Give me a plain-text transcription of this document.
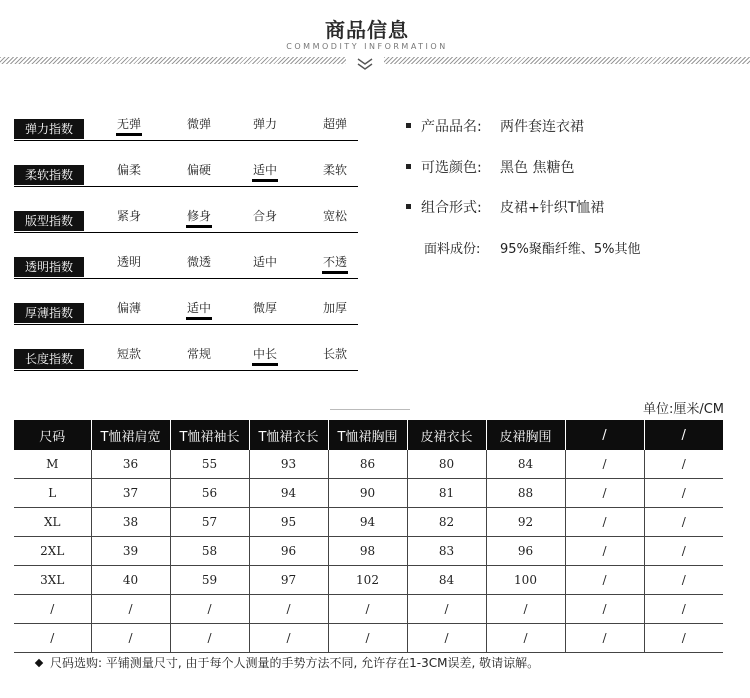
商品信息
COMMODITY INFORMATION
弹力指数	无弹	微弹	弹力	超弹
柔软指数	偏柔	偏硬	适中	柔软
版型指数	紧身	修身	合身	宽松
透明指数	透明	微透	适中	不透
厚薄指数	偏薄	适中	微厚	加厚
长度指数	短款	常规	中长	长款
产品品名: 两件套连衣裙
可选颜色: 黑色 焦糖色
组合形式: 皮裙+针织T恤裙
面料成份: 95%聚酯纤维、5%其他
单位:厘米/CM
尺码	T恤裙肩宽	T恤裙袖长	T恤裙衣长	T恤裙胸围	皮裙衣长	皮裙胸围	/	/
M	36	55	93	86	80	84	/	/
L	37	56	94	90	81	88	/	/
XL	38	57	95	94	82	92	/	/
2XL	39	58	96	98	83	96	/	/
3XL	40	59	97	102	84	100	/	/
/	/	/	/	/	/	/	/	/
/	/	/	/	/	/	/	/	/
尺码选购: 平铺测量尺寸, 由于每个人测量的手势方法不同, 允许存在1-3CM误差, 敬请谅解。
